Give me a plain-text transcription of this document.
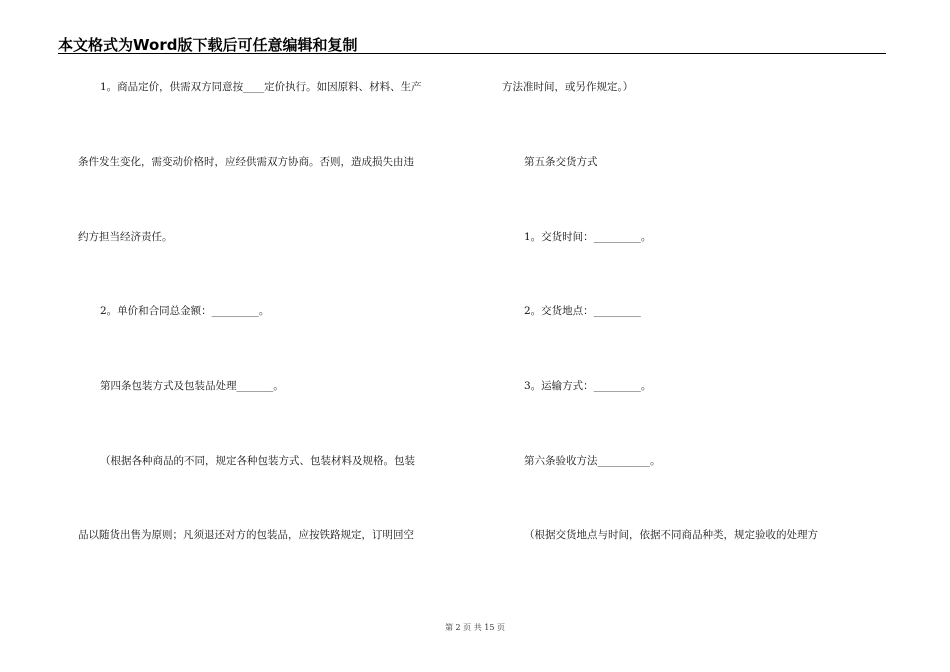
本文格式为Word版下载后可任意编辑和复制
1。商品定价，供需双方同意按____定价执行。如因原料、材料、生产
条件发生变化，需变动价格时，应经供需双方协商。否则，造成损失由违
约方担当经济责任。
2。单价和合同总金额：_________。
第四条包装方式及包装品处理_______。
（根据各种商品的不同，规定各种包装方式、包装材料及规格。包装
品以随货出售为原则；凡须退还对方的包装品，应按铁路规定，订明回空
方法准时间，或另作规定。）
第五条交货方式
1。交货时间：_________。
2。交货地点：_________
3。运输方式：_________。
第六条验收方法__________。
（根据交货地点与时间，依据不同商品种类，规定验收的处理方
第 2 页 共 15 页
